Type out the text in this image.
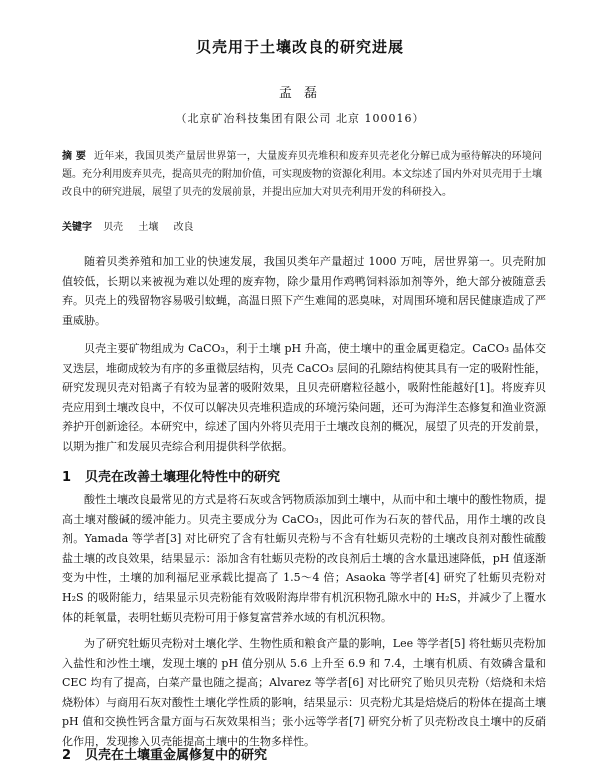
贝壳用于土壤改良的研究进展
孟 磊
（北京矿冶科技集团有限公司 北京 100016）
摘 要 近年来，我国贝类产量居世界第一，大量废弃贝壳堆积和废弃贝壳老化分解已成为亟待解决的环境问题。充分利用废弃贝壳，提高贝壳的附加价值，可实现废物的资源化利用。本文综述了国内外对贝壳用于土壤改良中的研究进展，展望了贝壳的发展前景，并提出应加大对贝壳利用开发的科研投入。
关键字 贝壳 土壤 改良
随着贝类养殖和加工业的快速发展，我国贝类年产量超过 1000 万吨，居世界第一。贝壳附加值较低，长期以来被视为难以处理的废弃物，除少量用作鸡鸭饲料添加剂等外，绝大部分被随意丢弃。贝壳上的残留物容易吸引蚊蝇，高温日照下产生难闻的恶臭味，对周围环境和居民健康造成了严重威胁。
贝壳主要矿物组成为 CaCO₃，利于土壤 pH 升高，使土壤中的重金属更稳定。CaCO₃ 晶体交叉迭层，堆砌成较为有序的多重微层结构，贝壳 CaCO₃ 层间的孔隙结构使其具有一定的吸附性能，研究发现贝壳对铅离子有较为显著的吸附效果，且贝壳研磨粒径越小，吸附性能越好[1]。将废弃贝壳应用到土壤改良中，不仅可以解决贝壳堆积造成的环境污染问题，还可为海洋生态修复和渔业资源养护开创新途径。本研究中，综述了国内外将贝壳用于土壤改良剂的概况，展望了贝壳的开发前景，以期为推广和发展贝壳综合利用提供科学依据。
1 贝壳在改善土壤理化特性中的研究
酸性土壤改良最常见的方式是将石灰或含钙物质添加到土壤中，从而中和土壤中的酸性物质，提高土壤对酸碱的缓冲能力。贝壳主要成分为 CaCO₃，因此可作为石灰的替代品，用作土壤的改良剂。Yamada 等学者[3] 对比研究了含有牡蛎贝壳粉与不含有牡蛎贝壳粉的土壤改良剂对酸性硫酸盐土壤的改良效果，结果显示：添加含有牡蛎贝壳粉的改良剂后土壤的含水量迅速降低，pH 值逐渐变为中性，土壤的加利福尼亚承载比提高了 1.5～4 倍；Asaoka 等学者[4] 研究了牡蛎贝壳粉对 H₂S 的吸附能力，结果显示贝壳粉能有效吸附海岸带有机沉积物孔隙水中的 H₂S，并减少了上覆水体的耗氧量，表明牡蛎贝壳粉可用于修复富营养水域的有机沉积物。
为了研究牡蛎贝壳粉对土壤化学、生物性质和粮食产量的影响，Lee 等学者[5] 将牡蛎贝壳粉加入盐性和沙性土壤，发现土壤的 pH 值分别从 5.6 上升至 6.9 和 7.4，土壤有机质、有效磷含量和 CEC 均有了提高，白菜产量也随之提高；Alvarez 等学者[6] 对比研究了贻贝贝壳粉（焙烧和未焙烧粉体）与商用石灰对酸性土壤化学性质的影响，结果显示：贝壳粉尤其是焙烧后的粉体在提高土壤 pH 值和交换性钙含量方面与石灰效果相当；张小远等学者[7] 研究分析了贝壳粉改良土壤中的反硝化作用，发现掺入贝壳能提高土壤中的生物多样性。
2 贝壳在土壤重金属修复中的研究
